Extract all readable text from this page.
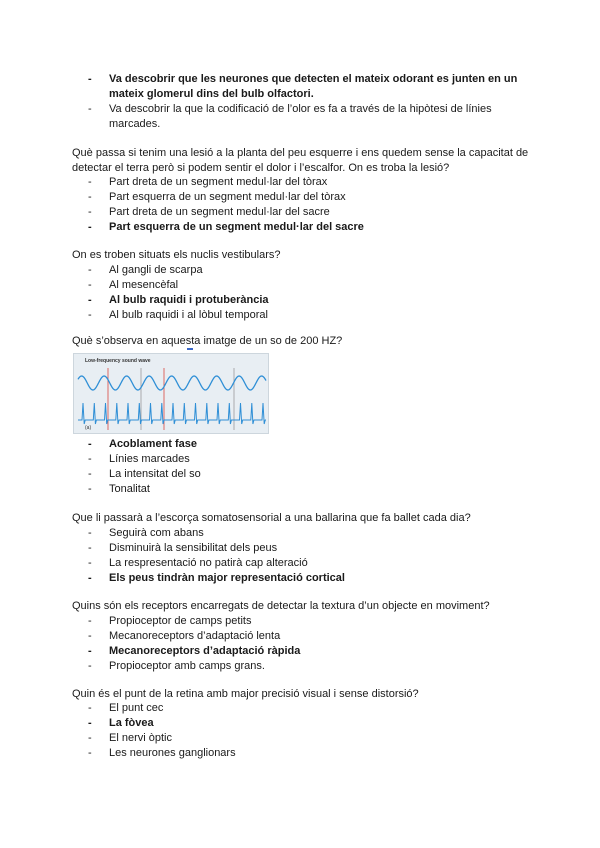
- Va descobrir que les neurones que detecten el mateix odorant es junten en un mateix glomerul dins del bulb olfactori.
- Va descobrir la que la codificació de l’olor es fa a través de la hipòtesi de línies marcades.
Què passa si tenim una lesió a la planta del peu esquerre i ens quedem sense la capacitat de detectar el terra però si podem sentir el dolor i l’escalfor. On es troba la lesió?
- Part dreta de un segment medul·lar del tòrax
- Part esquerra de un segment medul·lar del tòrax
- Part dreta de un segment medul·lar del sacre
- Part esquerra de un segment medul·lar del sacre
On es troben situats els nuclis vestibulars?
- Al gangli de scarpa
- Al mesencèfal
- Al bulb raquidi i protuberància
- Al bulb raquidi i al lòbul temporal
Què s’observa en aquesta imatge de un so de 200 HZ?
Low-frequency sound wave
(a)
- Acoblament fase
- Línies marcades
- La intensitat del so
- Tonalitat
Que li passarà a l’escorça somatosensorial a una ballarina que fa ballet cada dia?
- Seguirà com abans
- Disminuirà la sensibilitat dels peus
- La respresentació no patirà cap alteració
- Els peus tindràn major representació cortical
Quins són els receptors encarregats de detectar la textura d’un objecte en moviment?
- Propioceptor de camps petits
- Mecanoreceptors d’adaptació lenta
- Mecanoreceptors d’adaptació ràpida
- Propioceptor amb camps grans.
Quin és el punt de la retina amb major precisió visual i sense distorsió?
- El punt cec
- La fòvea
- El nervi òptic
- Les neurones ganglionars
